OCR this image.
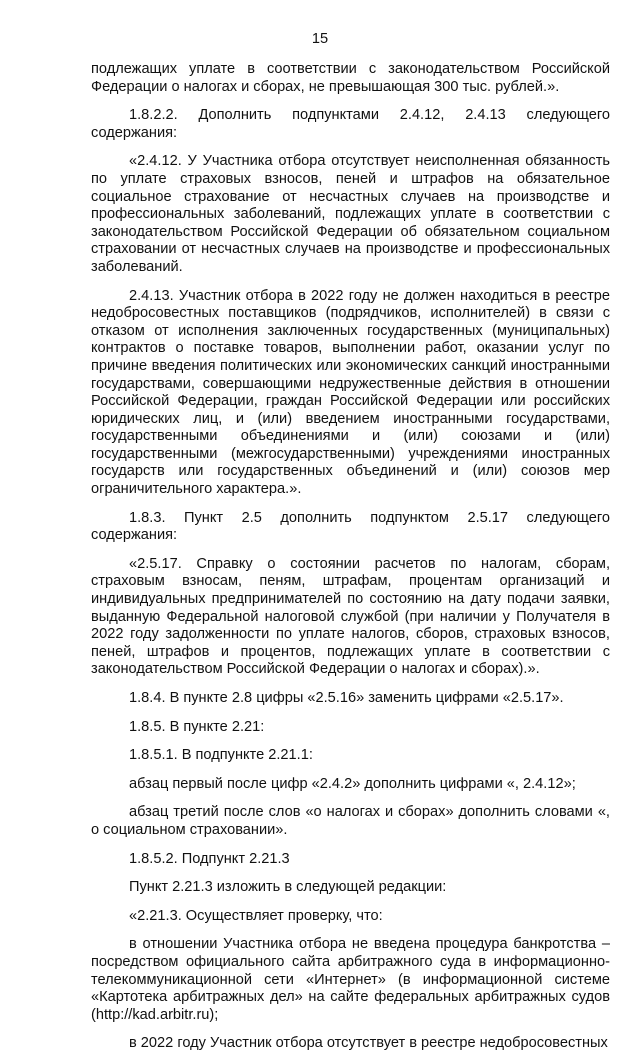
15

подлежащих уплате в соответствии с законодательством Российской Федерации о налогах и сборах, не превышающая 300 тыс. рублей.».

1.8.2.2. Дополнить подпунктами 2.4.12, 2.4.13 следующего содержания:

«2.4.12. У Участника отбора отсутствует неисполненная обязанность по уплате страховых взносов, пеней и штрафов на обязательное социальное страхование от несчастных случаев на производстве и профессиональных заболеваний, подлежащих уплате в соответствии с законодательством Российской Федерации об обязательном социальном страховании от несчастных случаев на производстве и профессиональных заболеваний.

2.4.13. Участник отбора в 2022 году не должен находиться в реестре недобросовестных поставщиков (подрядчиков, исполнителей) в связи с отказом от исполнения заключенных государственных (муниципальных) контрактов о поставке товаров, выполнении работ, оказании услуг по причине введения политических или экономических санкций иностранными государствами, совершающими недружественные действия в отношении Российской Федерации, граждан Российской Федерации или российских юридических лиц, и (или) введением иностранными государствами, государственными объединениями и (или) союзами и (или) государственными (межгосударственными) учреждениями иностранных государств или государственных объединений и (или) союзов мер ограничительного характера.».

1.8.3. Пункт 2.5 дополнить подпунктом 2.5.17 следующего содержания:

«2.5.17. Справку о состоянии расчетов по налогам, сборам, страховым взносам, пеням, штрафам, процентам организаций и индивидуальных предпринимателей по состоянию на дату подачи заявки, выданную Федеральной налоговой службой (при наличии у Получателя в 2022 году задолженности по уплате налогов, сборов, страховых взносов, пеней, штрафов и процентов, подлежащих уплате в соответствии с законодательством Российской Федерации о налогах и сборах).».

1.8.4. В пункте 2.8 цифры «2.5.16» заменить цифрами «2.5.17».

1.8.5. В пункте 2.21:

1.8.5.1. В подпункте 2.21.1:

абзац первый после цифр «2.4.2» дополнить цифрами «, 2.4.12»;

абзац третий после слов «о налогах и сборах» дополнить словами «, о социальном страховании».

1.8.5.2. Подпункт 2.21.3

Пункт 2.21.3 изложить в следующей редакции:

«2.21.3. Осуществляет проверку, что:

в отношении Участника отбора не введена процедура банкротства – посредством официального сайта арбитражного суда в информационно-телекоммуникационной сети «Интернет» (в информационной системе «Картотека арбитражных дел» на сайте федеральных арбитражных судов (http://kad.arbitr.ru);

в 2022 году Участник отбора отсутствует в реестре недобросовестных
